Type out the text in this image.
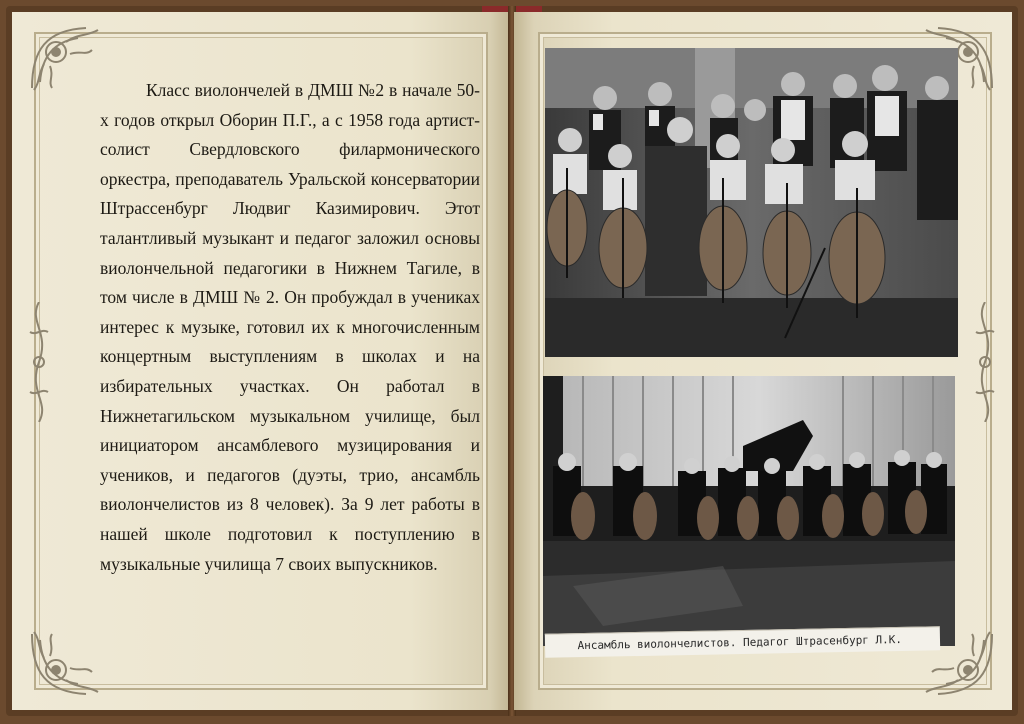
Класс виолончелей в ДМШ №2 в начале 50-х годов открыл Оборин П.Г., а с 1958 года артист-солист Свердловского филармонического оркестра, преподаватель Уральской консерватории Штрассенбург Людвиг Казимирович. Этот талантливый музыкант и педагог заложил основы виолончельной педагогики в Нижнем Тагиле, в том числе в ДМШ № 2. Он пробуждал в учениках интерес к музыке, готовил их к многочисленным концертным выступлениям в школах и на избирательных участках. Он работал в Нижнетагильском музыкальном училище, был инициатором ансамблевого музицирования и учеников, и педагогов (дуэты, трио, ансамбль виолончелистов из 8 человек). За 9 лет работы в нашей школе подготовил к поступлению в музыкальные училища 7 своих выпускников.

Ансамбль виолончелистов. Педагог Штрасенбург Л.К.
